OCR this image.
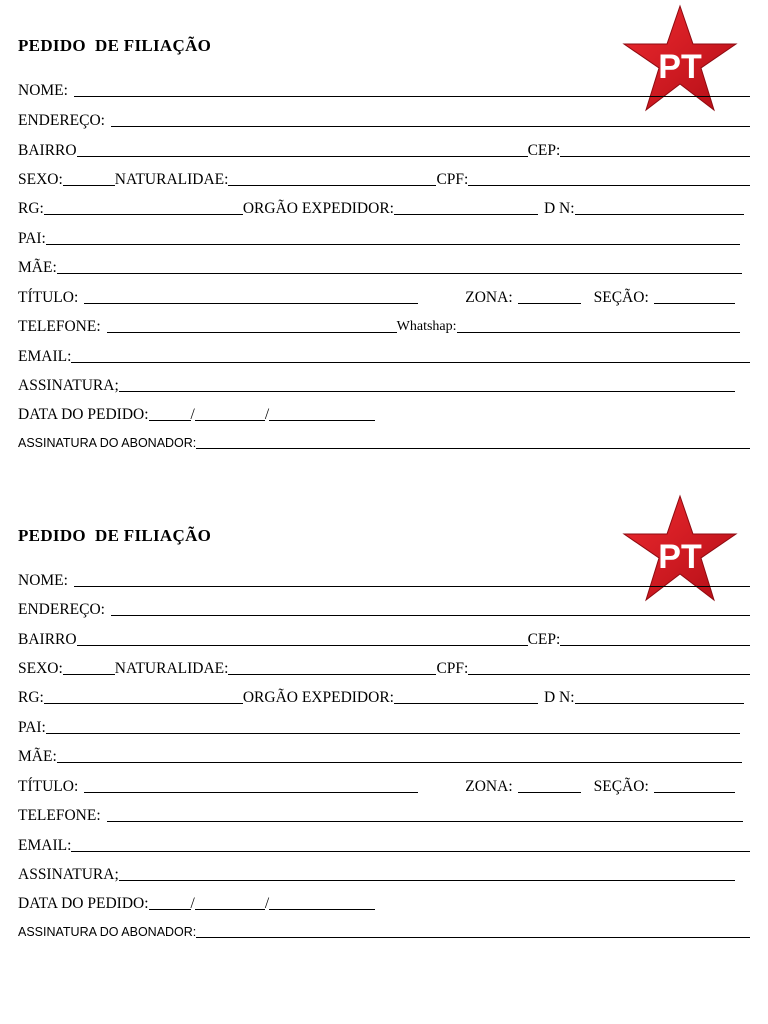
PEDIDO  DE FILIAÇÃO
PT
NOME:
ENDEREÇO:
BAIRRO	CEP:
SEXO:	NATURALIDAE:	CPF:
RG:	ORGÃO EXPEDIDOR:	D N:
PAI:
MÃE:
TÍTULO:	ZONA:	SEÇÃO:
TELEFONE:	Whatshap:
EMAIL:
ASSINATURA;
DATA DO PEDIDO:	/	/
ASSINATURA DO ABONADOR:
PEDIDO  DE FILIAÇÃO
PT
NOME:
ENDEREÇO:
BAIRRO	CEP:
SEXO:	NATURALIDAE:	CPF:
RG:	ORGÃO EXPEDIDOR:	D N:
PAI:
MÃE:
TÍTULO:	ZONA:	SEÇÃO:
TELEFONE:
EMAIL:
ASSINATURA;
DATA DO PEDIDO:	/	/
ASSINATURA DO ABONADOR:
